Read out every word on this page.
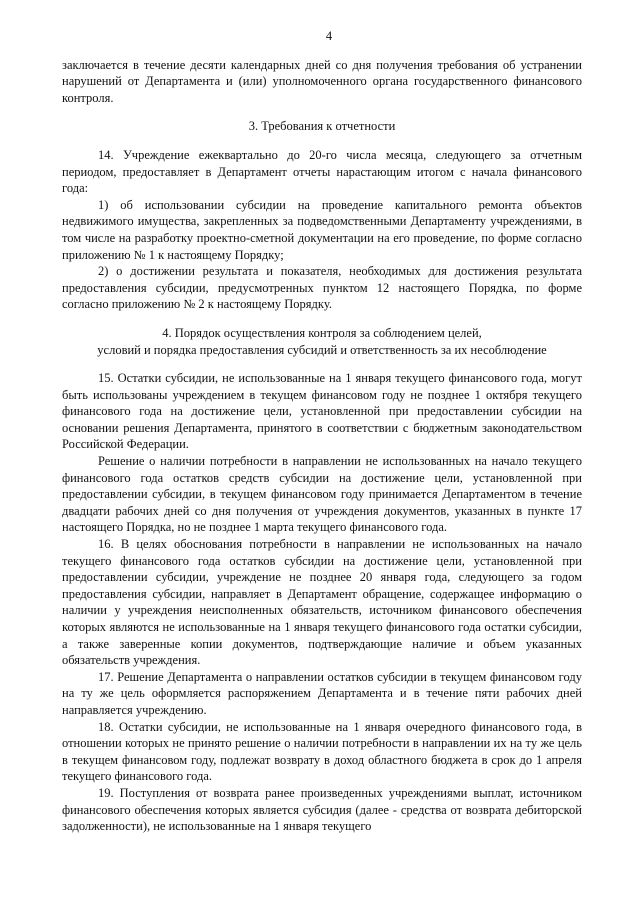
4

заключается в течение десяти календарных дней со дня получения требования об устранении нарушений от Департамента и (или) уполномоченного органа государственного финансового контроля.

3. Требования к отчетности

14. Учреждение ежеквартально до 20-го числа месяца, следующего за отчетным периодом, предоставляет в Департамент отчеты нарастающим итогом с начала финансового года:

1) об использовании субсидии на проведение капитального ремонта объектов недвижимого имущества, закрепленных за подведомственными Департаменту учреждениями, в том числе на разработку проектно-сметной документации на его проведение, по форме согласно приложению № 1 к настоящему Порядку;

2) о достижении результата и показателя, необходимых для достижения результата предоставления субсидии, предусмотренных пунктом 12 настоящего Порядка, по форме согласно приложению № 2 к настоящему Порядку.

4. Порядок осуществления контроля за соблюдением целей,
условий и порядка предоставления субсидий и ответственность за их несоблюдение

15. Остатки субсидии, не использованные на 1 января текущего финансового года, могут быть использованы учреждением в текущем финансовом году не позднее 1 октября текущего финансового года на достижение цели, установленной при предоставлении субсидии на основании решения Департамента, принятого в соответствии с бюджетным законодательством Российской Федерации.

Решение о наличии потребности в направлении не использованных на начало текущего финансового года остатков средств субсидии на достижение цели, установленной при предоставлении субсидии, в текущем финансовом году принимается Департаментом в течение двадцати рабочих дней со дня получения от учреждения документов, указанных в пункте 17 настоящего Порядка, но не позднее 1 марта текущего финансового года.

16. В целях обоснования потребности в направлении не использованных на начало текущего финансового года остатков субсидии на достижение цели, установленной при предоставлении субсидии, учреждение не позднее 20 января года, следующего за годом предоставления субсидии, направляет в Департамент обращение, содержащее информацию о наличии у учреждения неисполненных обязательств, источником финансового обеспечения которых являются не использованные на 1 января текущего финансового года остатки субсидии, а также заверенные копии документов, подтверждающие наличие и объем указанных обязательств учреждения.

17. Решение Департамента о направлении остатков субсидии в текущем финансовом году на ту же цель оформляется распоряжением Департамента и в течение пяти рабочих дней направляется учреждению.

18. Остатки субсидии, не использованные на 1 января очередного финансового года, в отношении которых не принято решение о наличии потребности в направлении их на ту же цель в текущем финансовом году, подлежат возврату в доход областного бюджета в срок до 1 апреля текущего финансового года.

19. Поступления от возврата ранее произведенных учреждениями выплат, источником финансового обеспечения которых является субсидия (далее - средства от возврата дебиторской задолженности), не использованные на 1 января текущего
